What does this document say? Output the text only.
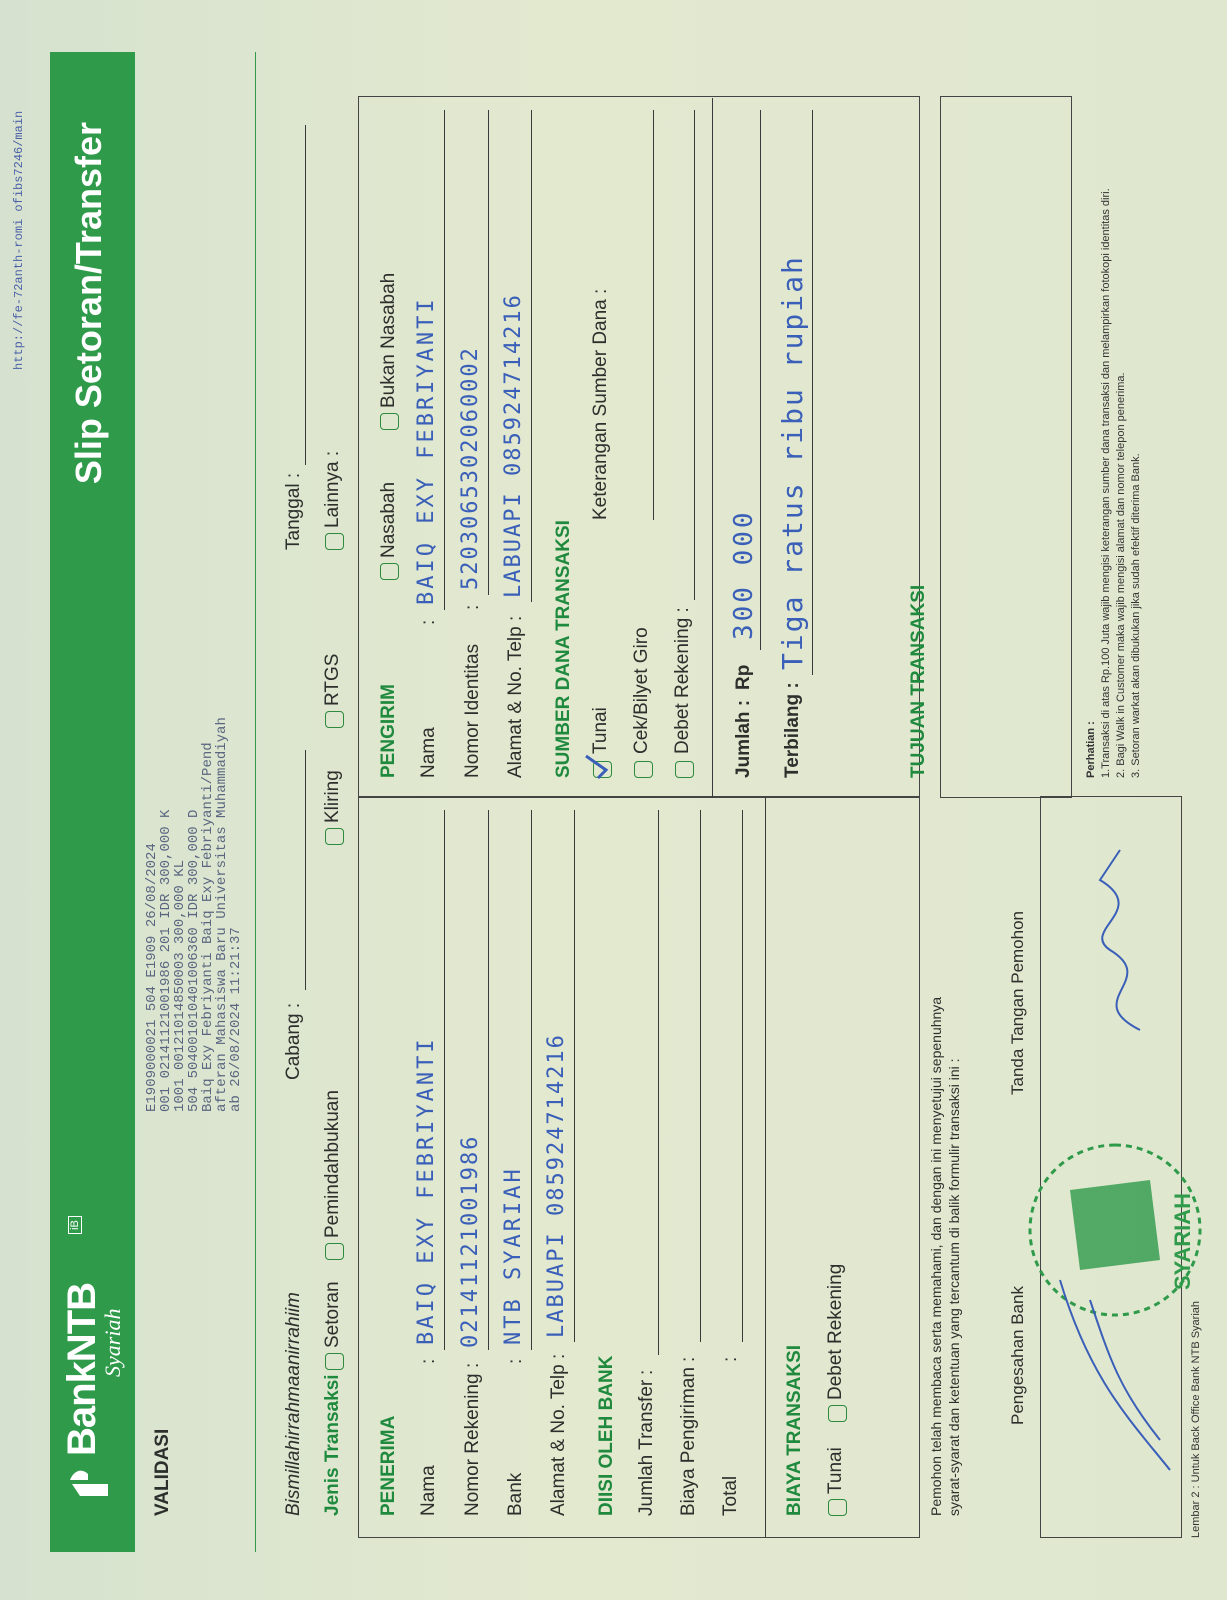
http://fe-72anth-romi ofibs7246/main
BankNTB
Syariah
iB
Slip Setoran/Transfer
VALIDASI
E1909000021 504 E1909 26/08/2024
001 02141121001986 201 IDR 300,000 K
1001 00121014850003 300,000 KL
504 504001010401006360 IDR 300,000 D
Baiq Exy Febriyanti Baiq Exy Febriyanti/Pend
afteran Mahasiswa Baru Universitas Muhammadiyah
ab 26/08/2024 11:21:37
Bismillahirrahmaanirrahiim
Cabang :
Tanggal :
Jenis Transaksi
Setoran
Pemindahbukuan
Kliring
RTGS
Lainnya :
PENERIMA Nama
:
BAIQ EXY FEBRIYANTI
Nomor Rekening
:
02141121001986
Bank
:
NTB SYARIAH
Alamat & No. Telp :
LABUAPI 085924714216
DIISI OLEH BANK Jumlah Transfer
: Biaya Pengiriman
:
Total
: BIAYA TRANSAKSI Tunai
Debet Rekening
PENGIRIM
Nasabah
Bukan Nasabah
Nama
:
BAIQ EXY FEBRIYANTI
Nomor Identitas
:
5203065302060002
Alamat & No. Telp :
LABUAPI 085924714216
SUMBER DANA TRANSAKSI Tunai
Keterangan Sumber Dana :
Cek/Bilyet Giro Debet Rekening : Jumlah :
Rp
300 000
Terbilang :
Tiga ratus ribu rupiah
Pemohon telah membaca serta memahami, dan dengan ini menyetujui sepenuhnya syarat-syarat dan ketentuan yang tercantum di balik formulir transaksi ini :	Pengesahan Bank
Tanda Tangan Pemohon
TUJUAN TRANSAKSI
SYARIAH
Perhatian : 1.Transaksi di atas Rp.100 Juta wajib mengisi keterangan sumber dana transaksi dan melampirkan fotokopi identitas diri. 2. Bagi Walk in Customer maka wajib mengisi alamat dan nomor telepon penerima. 3. Setoran warkat akan dibukukan jika sudah efektif diterima Bank.
Lembar 2 : Untuk Back Office Bank NTB Syariah
